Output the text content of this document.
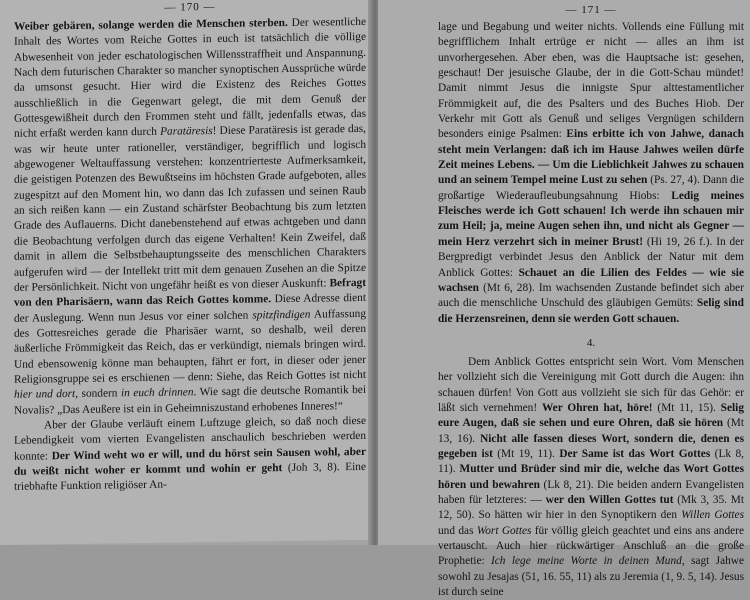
— 170 —

Weiber gebären, solange werden die Menschen sterben. Der wesentliche Inhalt des Wortes vom Reiche Gottes in euch ist tatsächlich die völlige Abwesenheit von jeder eschatologischen Willensstraffheit und Anspannung. Nach dem futurischen Charakter so mancher synoptischen Aussprüche würde da umsonst gesucht. Hier wird die Existenz des Reiches Gottes ausschließlich in die Gegenwart gelegt, die mit dem Genuß der Gottesgewißheit durch den Frommen steht und fällt, jedenfalls etwas, das nicht erfaßt werden kann durch Paratäresis! Diese Paratäresis ist gerade das, was wir heute unter rationeller, verständiger, begrifflich und logisch abgewogener Weltauffassung verstehen: konzentrierteste Aufmerksamkeit, die geistigen Potenzen des Bewußtseins im höchsten Grade aufgeboten, alles zugespitzt auf den Moment hin, wo dann das Ich zufassen und seinen Raub an sich reißen kann — ein Zustand schärfster Beobachtung bis zum letzten Grade des Auflauerns. Dicht danebenstehend auf etwas achtgeben und dann die Beobachtung verfolgen durch das eigene Verhalten! Kein Zweifel, daß damit in allem die Selbstbehauptungsseite des menschlichen Charakters aufgerufen wird — der Intellekt tritt mit dem genauen Zusehen an die Spitze der Persönlichkeit. Nicht von ungefähr heißt es von dieser Auskunft: Befragt von den Pharisäern, wann das Reich Gottes komme. Diese Adresse dient der Auslegung. Wenn nun Jesus vor einer solchen spitzfindigen Auffassung des Gottesreiches gerade die Pharisäer warnt, so deshalb, weil deren äußerliche Frömmigkeit das Reich, das er verkündigt, niemals bringen wird. Und ebensowenig könne man behaupten, fährt er fort, in dieser oder jener Religionsgruppe sei es erschienen — denn: Siehe, das Reich Gottes ist nicht hier und dort, sondern in euch drinnen. Wie sagt die deutsche Romantik bei Novalis? „Das Aeußere ist ein in Geheimniszustand erhobenes Inneres!“

Aber der Glaube verläuft einem Luftzuge gleich, so daß noch diese Lebendigkeit vom vierten Evangelisten anschaulich beschrieben werden konnte: Der Wind weht wo er will, und du hörst sein Sausen wohl, aber du weißt nicht woher er kommt und wohin er geht (Joh 3, 8). Eine triebhafte Funktion religiöser An-

— 171 —

lage und Begabung und weiter nichts. Vollends eine Füllung mit begrifflichem Inhalt ertrüge er nicht — alles an ihm ist unvorhergesehen. Aber eben, was die Hauptsache ist: gesehen, geschaut! Der jesuische Glaube, der in die Gott-Schau mündet! Damit nimmt Jesus die innigste Spur alttestamentlicher Frömmigkeit auf, die des Psalters und des Buches Hiob. Der Verkehr mit Gott als Genuß und seliges Vergnügen schildern besonders einige Psalmen: Eins erbitte ich von Jahwe, danach steht mein Verlangen: daß ich im Hause Jahwes weilen dürfe Zeit meines Lebens. — Um die Lieblichkeit Jahwes zu schauen und an seinem Tempel meine Lust zu sehen (Ps. 27, 4). Dann die großartige Wiederaufleubungsahnung Hiobs: Ledig meines Fleisches werde ich Gott schauen! Ich werde ihn schauen mir zum Heil; ja, meine Augen sehen ihn, und nicht als Gegner — mein Herz verzehrt sich in meiner Brust! (Hi 19, 26 f.). In der Bergpredigt verbindet Jesus den Anblick der Natur mit dem Anblick Gottes: Schauet an die Lilien des Feldes — wie sie wachsen (Mt 6, 28). Im wachsenden Zustande befindet sich aber auch die menschliche Unschuld des gläubigen Gemüts: Selig sind die Herzensreinen, denn sie werden Gott schauen.

4.

Dem Anblick Gottes entspricht sein Wort. Vom Menschen her vollzieht sich die Vereinigung mit Gott durch die Augen: ihn schauen dürfen! Von Gott aus vollzieht sie sich für das Gehör: er läßt sich vernehmen! Wer Ohren hat, höre! (Mt 11, 15). Selig eure Augen, daß sie sehen und eure Ohren, daß sie hören (Mt 13, 16). Nicht alle fassen dieses Wort, sondern die, denen es gegeben ist (Mt 19, 11). Der Same ist das Wort Gottes (Lk 8, 11). Mutter und Brüder sind mir die, welche das Wort Gottes hören und bewahren (Lk 8, 21). Die beiden andern Evangelisten haben für letzteres: — wer den Willen Gottes tut (Mk 3, 35. Mt 12, 50). So hätten wir hier in den Synoptikern den Willen Gottes und das Wort Gottes für völlig gleich geachtet und eins ans andere vertauscht. Auch hier rückwärtiger Anschluß an die große Prophetie: Ich lege meine Worte in deinen Mund, sagt Jahwe sowohl zu Jesajas (51, 16. 55, 11) als zu Jeremia (1, 9. 5, 14). Jesus ist durch seine
